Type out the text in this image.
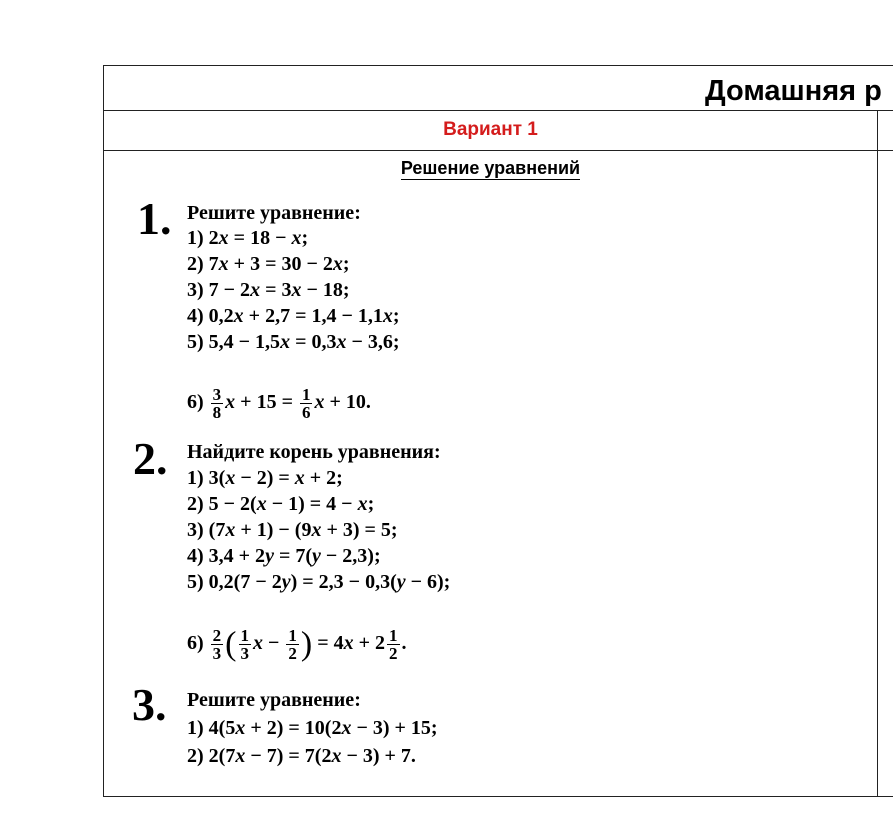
Домашняя р
Вариант 1
Решение уравнений
1. Решите уравнение:
1) 2x = 18 − x;
2) 7x + 3 = 30 − 2x;
3) 7 − 2x = 3x − 18;
4) 0,2x + 2,7 = 1,4 − 1,1x;
5) 5,4 − 1,5x = 0,3x − 3,6;
$6) \frac{3}{8}$ $x + 15 = \frac{1}{6}$ x + 10.
2. Найдите корень уравнения:
1) 3(x − 2) = x + 2;
2) 5 − 2(x − 1) = 4 − x;
3) (7x + 1) − (9x + 3) = 5;
4) 3,4 + 2y = 7(y − 2,3);
5) 0,2(7 − 2y) = 2,3 − 0,3(y − 6);
$6) \frac{2}{3}$ ( $\frac{1}{3}$ $x - \frac{1}{2}$ ) = $4x + 2 \frac{1}{2}$ .
3. Решите уравнение:
1) 4(5x + 2) = 10(2x − 3) + 15;
2) 2(7x − 7) = 7(2x − 3) + 7.
